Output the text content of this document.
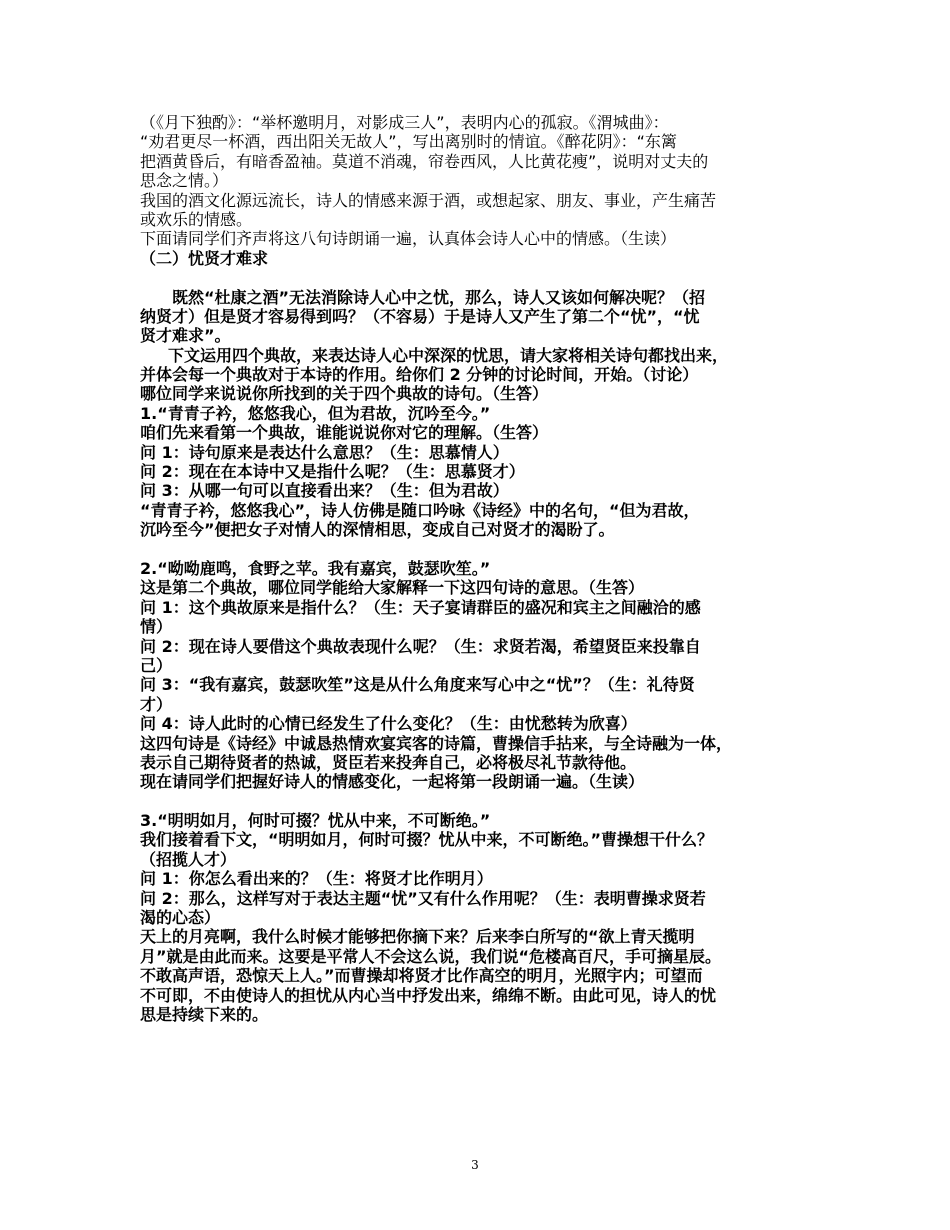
（《月下独酌》：“举杯邀明月，对影成三人”，表明内心的孤寂。《渭城曲》：
“劝君更尽一杯酒，西出阳关无故人”，写出离别时的情谊。《醉花阴》：“东篱
把酒黄昏后，有暗香盈袖。莫道不消魂，帘卷西风，人比黄花瘦”，说明对丈夫的
思念之情。）
我国的酒文化源远流长，诗人的情感来源于酒，或想起家、朋友、事业，产生痛苦
或欢乐的情感。
下面请同学们齐声将这八句诗朗诵一遍，认真体会诗人心中的情感。（生读）
（二）忧贤才难求
既然“杜康之酒”无法消除诗人心中之忧，那么，诗人又该如何解决呢？（招
纳贤才）但是贤才容易得到吗？（不容易）于是诗人又产生了第二个“忧”，“忧
贤才难求”。
下文运用四个典故，来表达诗人心中深深的忧思，请大家将相关诗句都找出来，
并体会每一个典故对于本诗的作用。给你们 2 分钟的讨论时间，开始。（讨论）
哪位同学来说说你所找到的关于四个典故的诗句。（生答）
1.“青青子衿，悠悠我心，但为君故，沉吟至今。”
咱们先来看第一个典故，谁能说说你对它的理解。（生答）
问 1：诗句原来是表达什么意思？（生：思慕情人）
问 2：现在在本诗中又是指什么呢？（生：思慕贤才）
问 3：从哪一句可以直接看出来？（生：但为君故）
“青青子衿，悠悠我心”，诗人仿佛是随口吟咏《诗经》中的名句，“但为君故，
沉吟至今”便把女子对情人的深情相思，变成自己对贤才的渴盼了。
2.“呦呦鹿鸣，食野之苹。我有嘉宾，鼓瑟吹笙。”
这是第二个典故，哪位同学能给大家解释一下这四句诗的意思。（生答）
问 1：这个典故原来是指什么？（生：天子宴请群臣的盛况和宾主之间融洽的感
情）
问 2：现在诗人要借这个典故表现什么呢？（生：求贤若渴，希望贤臣来投靠自
己）
问 3：“我有嘉宾，鼓瑟吹笙”这是从什么角度来写心中之“忧”？（生：礼待贤
才）
问 4：诗人此时的心情已经发生了什么变化？（生：由忧愁转为欣喜）
这四句诗是《诗经》中诚恳热情欢宴宾客的诗篇，曹操信手拈来，与全诗融为一体，
表示自己期待贤者的热诚，贤臣若来投奔自己，必将极尽礼节款待他。
现在请同学们把握好诗人的情感变化，一起将第一段朗诵一遍。（生读）
3.“明明如月，何时可掇？忧从中来，不可断绝。”
我们接着看下文，“明明如月，何时可掇？忧从中来，不可断绝。”曹操想干什么？
（招揽人才）
问 1：你怎么看出来的？（生：将贤才比作明月）
问 2：那么，这样写对于表达主题“忧”又有什么作用呢？（生：表明曹操求贤若
渴的心态）
天上的月亮啊，我什么时候才能够把你摘下来？后来李白所写的“欲上青天揽明
月”就是由此而来。这要是平常人不会这么说，我们说“危楼高百尺，手可摘星辰。
不敢高声语，恐惊天上人。”而曹操却将贤才比作高空的明月，光照宇内；可望而
不可即，不由使诗人的担忧从内心当中抒发出来，绵绵不断。由此可见，诗人的忧
思是持续下来的。
3
